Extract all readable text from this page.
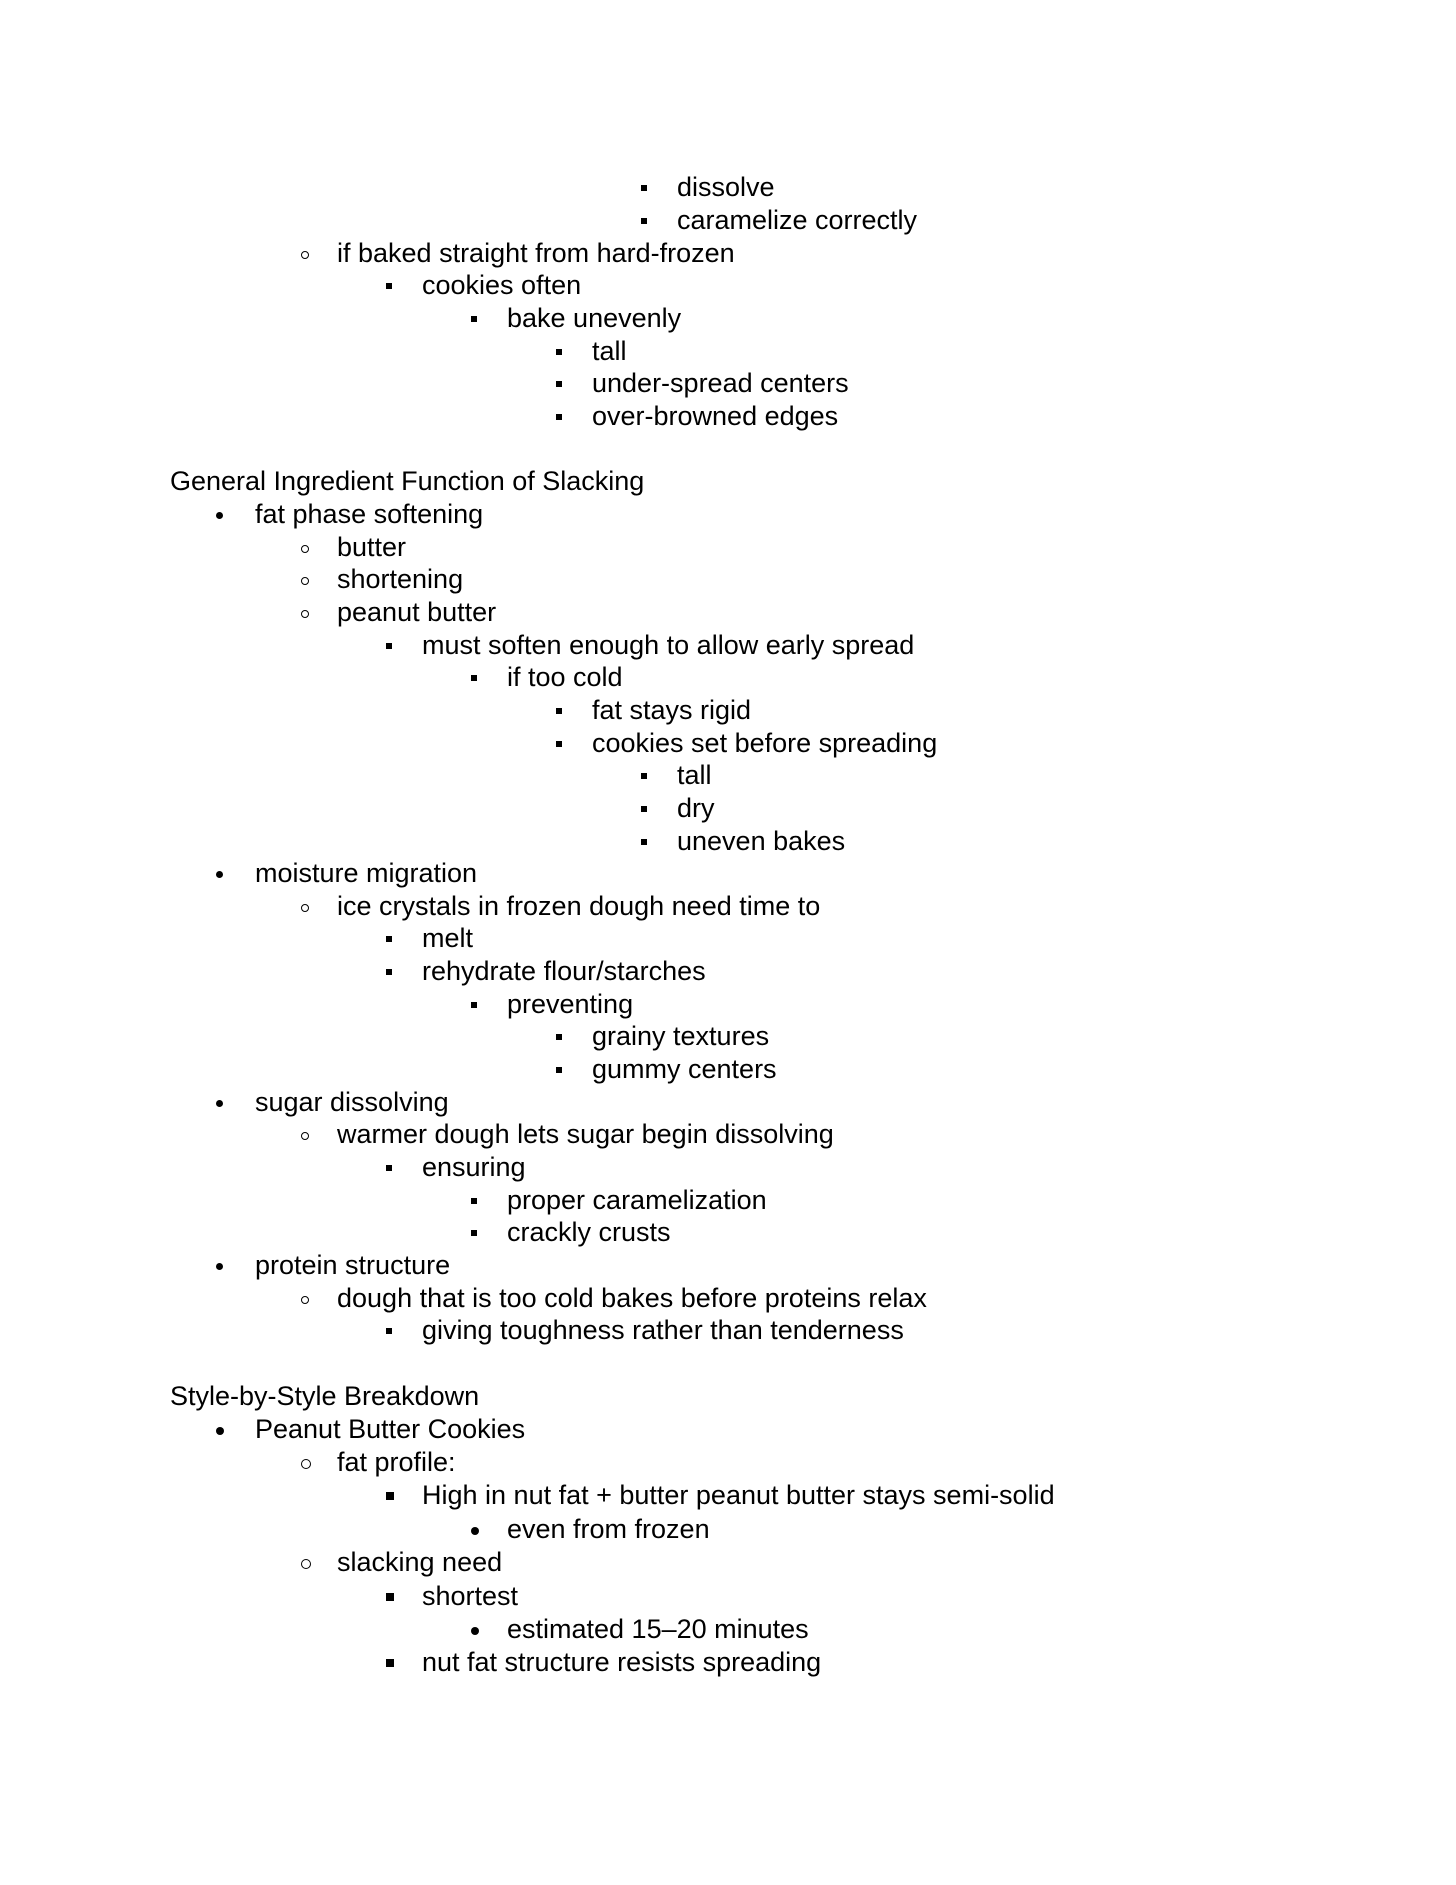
dissolve
caramelize correctly
if baked straight from hard-frozen
cookies often
bake unevenly
tall
under-spread centers
over-browned edges
General Ingredient Function of Slacking
fat phase softening
butter
shortening
peanut butter
must soften enough to allow early spread
if too cold
fat stays rigid
cookies set before spreading
tall
dry
uneven bakes
moisture migration
ice crystals in frozen dough need time to
melt
rehydrate flour/starches
preventing
grainy textures
gummy centers
sugar dissolving
warmer dough lets sugar begin dissolving
ensuring
proper caramelization
crackly crusts
protein structure
dough that is too cold bakes before proteins relax
giving toughness rather than tenderness
Style-by-Style Breakdown
Peanut Butter Cookies
fat profile:
High in nut fat + butter peanut butter stays semi-solid
even from frozen
slacking need
shortest
estimated 15–20 minutes
nut fat structure resists spreading
